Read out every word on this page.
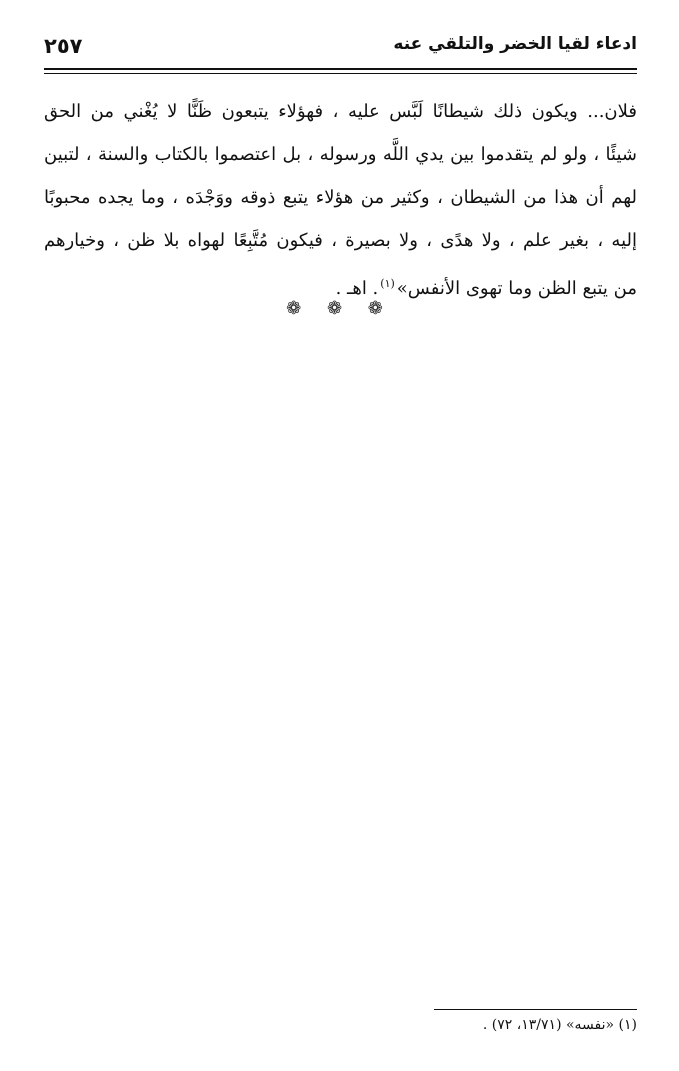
٢٥٧	ادعاء لقيا الخضر والتلقي عنه
فلان... ويكون ذلك شيطانًا لَبَّس عليه ، فهؤلاء يتبعون ظَنًّا لا يُغْني من الحق
شيئًا ، ولو لم يتقدموا بين يدي اللَّه ورسوله ، بل اعتصموا بالكتاب والسنة ، لتبين
لهم أن هذا من الشيطان ، وكثير من هؤلاء يتبع ذوقه ووَجْدَه ، وما يجده محبوبًا
إليه ، بغير علم ، ولا هدًى ، ولا بصيرة ، فيكون مُتَّبِعًا لهواه بلا ظن ، وخيارهم
من يتبع الظن وما تهوى الأنفس»$^{(١)}$. اهـ .
❁ ❁ ❁
(١) «نفسه» (١٣/٧١، ٧٢) .
